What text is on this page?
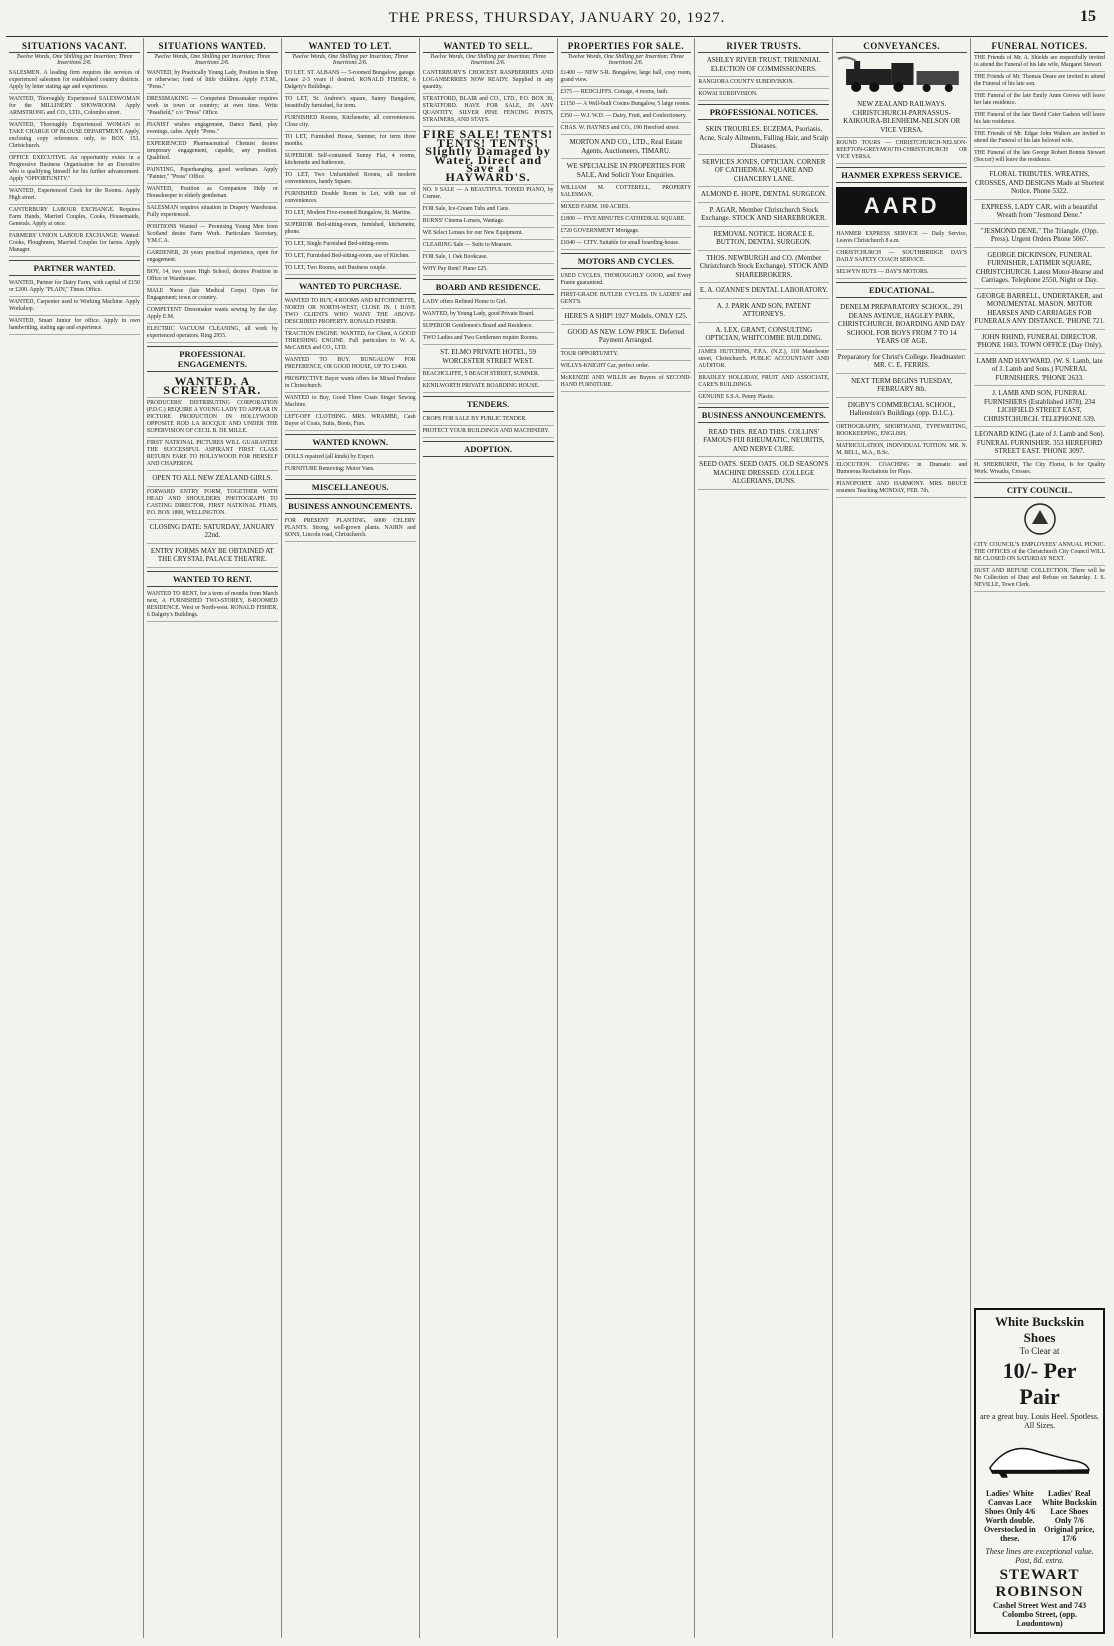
THE PRESS, THURSDAY, JANUARY 20, 1927.	15
SITUATIONS VACANT.
Twelve Words, One Shilling per Insertion; Three Insertions 2/6.
SALESMEN. A leading firm requires the services of experienced salesmen for established country districts. Apply by letter stating age and experience.
WANTED, Thoroughly Experienced SALESWOMAN for the MILLINERY SHOWROOM. Apply ARMSTRONG and CO., LTD., Colombo street.
WANTED, Thoroughly Experienced WOMAN to TAKE CHARGE OF BLOUSE DEPARTMENT. Apply, enclosing copy references only, to BOX 153, Christchurch.
OFFICE EXECUTIVE. An opportunity exists in a Progressive Business Organisation for an Executive who is qualifying himself for his further advancement. Apply "OPPORTUNITY."
WANTED, Experienced Cook for the Rooms. Apply High street.
CANTERBURY LABOUR EXCHANGE. Requires Farm Hands, Married Couples, Cooks, Housemaids, Generals. Apply at once.
FARMERS' UNION LABOUR EXCHANGE. Wanted: Cooks, Ploughmen, Married Couples for farms. Apply Manager.
PARTNER WANTED.
WANTED, Partner for Dairy Farm, with capital of £150 or £200. Apply "PLAIN," Times Office.
WANTED, Carpenter used to Working Machine. Apply Workshop.
WANTED, Smart Junior for office. Apply in own handwriting, stating age and experience.
SITUATIONS WANTED.
Twelve Words, One Shilling per Insertion; Three Insertions 2/6.
WANTED, by Practically Young Lady, Position in Shop or otherwise; fond of little children. Apply F.T.M., "Press."
DRESSMAKING — Competent Dressmaker requires work in town or country; at own time. Write "Peasfield," c/o "Press" Office.
PIANIST wishes engagement, Dance Band, play evenings, cafes. Apply "Press."
EXPERIENCED Pharmaceutical Chemist desires temporary engagement, capable, any position. Qualified.
PAINTING, Paperhanging, good workman. Apply "Painter," "Press" Office.
WANTED, Position as Companion Help or Housekeeper to elderly gentleman.
SALESMAN requires situation in Drapery Warehouse. Fully experienced.
POSITIONS Wanted — Promising Young Men from Scotland desire Farm Work. Particulars Secretary, Y.M.C.A.
GARDENER, 20 years practical experience, open for engagement.
BOY, 14, two years High School, desires Position in Office or Warehouse.
MALE Nurse (late Medical Corps) Open for Engagement; town or country.
COMPETENT Dressmaker wants sewing by the day. Apply E.M.
ELECTRIC VACUUM CLEANING, all work by experienced operators. Ring 2955.
PROFESSIONAL ENGAGEMENTS.
WANTED. A SCREEN STAR.
PRODUCERS' DISTRIBUTING CORPORATION (P.D.C.) REQUIRE A YOUNG LADY TO APPEAR IN PICTURE PRODUCTION IN HOLLYWOOD OPPOSITE ROD LA ROCQUE AND UNDER THE SUPERVISION OF CECIL B. DE MILLE.
FIRST NATIONAL PICTURES WILL GUARANTEE THE SUCCESSFUL ASPIRANT FIRST CLASS RETURN FARE TO HOLLYWOOD FOR HERSELF AND CHAPERON.
OPEN TO ALL NEW ZEALAND GIRLS.
FORWARD ENTRY FORM, TOGETHER WITH HEAD AND SHOULDERS PHOTOGRAPH TO CASTING DIRECTOR, FIRST NATIONAL FILMS, P.O. BOX 1800, WELLINGTON.
CLOSING DATE: SATURDAY, JANUARY 22nd.
ENTRY FORMS MAY BE OBTAINED AT THE CRYSTAL PALACE THEATRE.
WANTED TO RENT.
WANTED TO RENT, for a term of months from March next, A FURNISHED TWO-STOREY, 8-ROOMED RESIDENCE. West or North-west. RONALD FISHER, 6 Dalgety's Buildings.
WANTED TO LET.
Twelve Words, One Shilling per Insertion; Three Insertions 2/6.
TO LET. ST. ALBANS — 5-roomed Bungalow, garage. Lease 2-3 years if desired. RONALD FISHER, 6 Dalgety's Buildings.
TO LET, St. Andrew's square, Sunny Bungalow, beautifully furnished, for term.
FURNISHED Rooms, Kitchenette, all conveniences. Close city.
TO LET, Furnished House, Sumner, for term three months.
SUPERIOR Self-contained Sunny Flat, 4 rooms, kitchenette and bathroom.
TO LET, Two Unfurnished Rooms, all modern conveniences, handy Square.
FURNISHED Double Room to Let, with use of conveniences.
TO LET, Modern Five-roomed Bungalow, St. Martins.
SUPERIOR Bed-sitting-room, furnished, kitchenette, phone.
TO LET, Single Furnished Bed-sitting-room.
TO LET, Furnished Bed-sitting-room, use of Kitchen.
TO LET, Two Rooms, suit Business couple.
WANTED TO PURCHASE.
WANTED TO BUY, 4 ROOMS AND KITCHENETTE, NORTH OR NORTH-WEST, CLOSE IN. I HAVE TWO CLIENTS WHO WANT THE ABOVE-DESCRIBED PROPERTY. RONALD FISHER.
TRACTION ENGINE. WANTED, for Client, A GOOD THRESHING ENGINE. Full particulars to W. A. McCABES and CO., LTD.
WANTED TO BUY. BUNGALOW FOR PREFERENCE, OR GOOD HOUSE, UP TO £1400.
PROSPECTIVE Buyer wants offers for Mixed Produce in Christchurch.
WANTED to Buy, Good Three Coats Singer Sewing Machine.
LEFT-OFF CLOTHING. MRS. WRAMBE, Cash Buyer of Coats, Suits, Boots, Furs.
WANTED KNOWN.
DOLLS repaired (all kinds) by Expert.
FURNITURE Removing; Motor Vans.
MISCELLANEOUS.
BUSINESS ANNOUNCEMENTS.
FOR PRESENT PLANTING. 6000 CELERY PLANTS. Strong, well-grown plants. NAIRN and SONS, Lincoln road, Christchurch.
WANTED TO SELL.
Twelve Words, One Shilling per Insertion; Three Insertions 2/6.
CANTERBURY'S CHOICEST RASPBERRIES AND LOGANBERRIES NOW READY. Supplied in any quantity.
STRATFORD, BLAIR and CO., LTD., P.O. BOX 38, STRATFORD. HAVE FOR SALE, IN ANY QUANTITY, SILVER PINE FENCING POSTS, STRAINERS, AND STAYS.
FIRE SALE! TENTS! TENTS! TENTS! Slightly Damaged by Water. Direct and Save at HAYWARD'S.
NO. 9 SALE — A BEAUTIFUL TONED PIANO, by Cramer.
FOR Sale, Ice-Cream Tubs and Cans.
BURNS' Cinema Lenses, Wantage.
WE Select Lenses for our New Equipment.
CLEARING Sale — Suits to Measure.
FOR Sale, 1 Oak Bookcase.
WHY Pay Rent? Piano £25.
BOARD AND RESIDENCE.
LADY offers Refined Home to Girl.
WANTED, by Young Lady, good Private Board.
SUPERIOR Gentlemen's Board and Residence.
TWO Ladies and Two Gentlemen require Rooms.
ST. ELMO PRIVATE HOTEL, 59 WORCESTER STREET WEST.
BEACHCLIFFE, 5 BEACH STREET, SUMNER.
KENILWORTH PRIVATE BOARDING HOUSE.
TENDERS.
CROPS FOR SALE BY PUBLIC TENDER.
PROTECT YOUR BUILDINGS AND MACHINERY.
ADOPTION.
PROPERTIES FOR SALE.
Twelve Words, One Shilling per Insertion; Three Insertions 2/6.
£1400 — NEW 5-R. Bungalow, large hall, cosy room, grand view.
£375 — REDCLIFFS. Cottage, 4 rooms, bath.
£1150 — A Well-built Cosino Bungalow, 5 large rooms.
£350 — W.J. W.D. — Dairy, Fruit, and Confectionery.
CHAS. W. HAYNES and CO., 190 Hereford street.
MORTON AND CO., LTD., Real Estate Agents, Auctioneers, TIMARU.
WE SPECIALISE IN PROPERTIES FOR SALE, And Solicit Your Enquiries.
WILLIAM M. COTTERELL, PROPERTY SALESMAN.
MIXED FARM. 160 ACRES.
£1800 — FIVE MINUTES CATHEDRAL SQUARE.
£720 GOVERNMENT Mortgage.
£1040 — CITY. Suitable for small boarding-house.
MOTORS AND CYCLES.
USED CYCLES, THOROUGHLY GOOD, and Every Frame guaranteed.
FIRST-GRADE BUTLER CYCLES. IN LADIES' and GENT'S.
HERE'S A SHIP! 1927 Models. ONLY £25.
GOOD AS NEW. LOW PRICE. Deferred Payment Arranged.
TOUR OPPORTUNITY.
WILLYS-KNIGHT Car, perfect order.
McKENZIE AND WILLIS are Buyers of SECOND-HAND FURNITURE.
RIVER TRUSTS.
ASHLEY RIVER TRUST. TRIENNIAL ELECTION OF COMMISSIONERS.
RANGIORA COUNTY SUBDIVISION.
KOWAI SUBDIVISION.
PROFESSIONAL NOTICES.
SKIN TROUBLES. ECZEMA, Psoriasis, Acne, Scaly Ailments, Falling Hair, and Scalp Diseases.
SERVICES JONES, OPTICIAN. CORNER OF CATHEDRAL SQUARE AND CHANCERY LANE.
ALMOND E. HOPE, DENTAL SURGEON.
P. AGAR, Member Christchurch Stock Exchange. STOCK AND SHAREBROKER.
REMOVAL NOTICE. HORACE E. BUTTON, DENTAL SURGEON.
THOS. NEWBURGH and CO. (Member Christchurch Stock Exchange). STOCK AND SHAREBROKERS.
E. A. OZANNE'S DENTAL LABORATORY.
A. J. PARK AND SON, PATENT ATTORNEYS.
A. LEX. GRANT, CONSULTING OPTICIAN, WHITCOMBE BUILDING.
JAMES HUTCHINS, F.P.A. (N.Z.), 118 Manchester street, Christchurch. PUBLIC ACCOUNTANT AND AUDITOR.
BRADLEY HOLLIDAY, FRUIT AND ASSOCIATE, CARE'S BUILDINGS.
GENUINE S.S.A. Penny Plastic.
BUSINESS ANNOUNCEMENTS.
READ THIS. READ THIS. COLLINS' FAMOUS FIJI RHEUMATIC, NEURITIS, AND NERVE CURE.
SEED OATS. SEED OATS. OLD SEASON'S MACHINE DRESSED. COLLEGE ALGERIANS, DUNS.
CONVEYANCES.
NEW ZEALAND RAILWAYS. CHRISTCHURCH-PARNASSUS-KAIKOURA-BLENHEIM-NELSON OR VICE VERSA.
ROUND TOURS — CHRISTCHURCH-NELSON-REEFTON-GREYMOUTH-CHRISTCHURCH OR VICE VERSA.
HANMER EXPRESS SERVICE.
AARD
HANMER EXPRESS SERVICE — Daily Service, Leaves Christchurch 8 a.m.
CHRISTCHURCH — SOUTHBRIDGE DAY'S DAILY SAFETY COACH SERVICE.
SELWYN HUTS — DAY'S MOTORS.
EDUCATIONAL.
DENELM PREPARATORY SCHOOL, 291 DEANS AVENUE, HAGLEY PARK, CHRISTCHURCH. BOARDING AND DAY SCHOOL FOR BOYS FROM 7 TO 14 YEARS OF AGE.
Preparatory for Christ's College. Headmaster: MR. C. E. FERRIS.
NEXT TERM BEGINS TUESDAY, FEBRUARY 8th.
DIGBY'S COMMERCIAL SCHOOL, Hallenstein's Buildings (opp. D.I.C.).
ORTHOGRAPHY, SHORTHAND, TYPEWRITING, BOOKKEEPING, ENGLISH.
MATRICULATION, INDIVIDUAL TUITION. MR. N. M. BELL, M.A., B.Sc.
ELOCUTION. COACHING in Dramatic and Humorous Recitations for Plays.
PIANOFORTE AND HARMONY. MRS. BRUCE resumes Teaching MONDAY, FEB. 7th.
FUNERAL NOTICES.
THE Friends of Mr. A. Shields are respectfully invited to attend the Funeral of his late wife, Margaret Stewart.
THE Friends of Mr. Thomas Deare are invited to attend the Funeral of his late son.
THE Funeral of the late Emily Anne Groves will leave her late residence.
THE Funeral of the late David Cater Gadson will leave his late residence.
THE Friends of Mr. Edgar John Walters are invited to attend the Funeral of his late beloved wife.
THE Funeral of the late George Robert Bonnie Stewart (Soccer) will leave the residence.
FLORAL TRIBUTES. WREATHS, CROSSES, AND DESIGNS Made at Shortest Notice. Phone 5322.
EXPRESS, LADY CAR, with a beautiful Wreath from "Jesmond Dene."
"JESMOND DENE," The Triangle. (Opp. Press). Urgent Orders Phone 5067.
GEORGE DICKINSON, FUNERAL FURNISHER, LATIMER SQUARE, CHRISTCHURCH. Latest Motor-Hearse and Carriages. Telephone 2550, Night or Day.
GEORGE BARRELL, UNDERTAKER, and MONUMENTAL MASON. MOTOR HEARSES AND CARRIAGES FOR FUNERALS ANY DISTANCE. 'PHONE 721.
JOHN RHIND, FUNERAL DIRECTOR. 'PHONE 1603. TOWN OFFICE (Day Only).
LAMB AND HAYWARD. (W. S. Lamb, late of J. Lamb and Sons.) FUNERAL FURNISHERS. 'PHONE 2633.
J. LAMB AND SON, FUNERAL FURNISHERS (Established 1878). 234 LICHFIELD STREET EAST, CHRISTCHURCH. TELEPHONE 539.
LEONARD KING (Late of J. Lamb and Son). FUNERAL FURNISHER. 353 HEREFORD STREET EAST. 'PHONE 3097.
H. SHERBURNE, The City Florist, Is for Quality Work. Wreaths, Crosses.
CITY COUNCIL.
CITY COUNCIL'S EMPLOYEES' ANNUAL PICNIC. THE OFFICES of the Christchurch City Council WILL BE CLOSED ON SATURDAY NEXT.
DUST AND REFUSE COLLECTION. There will be No Collection of Dust and Refuse on Saturday. J. S. NEVILLE, Town Clerk.
White Buckskin Shoes
To Clear at
10/- Per Pair
are a great buy. Louis Heel. Spotless. All Sizes.
Ladies' White Canvas Lace Shoes Only 4/6 Worth double. Overstocked in these.
Ladies' Real White Buckskin Lace Shoes Only 7/6 Original price, 17/6
These lines are exceptional value. Post, 8d. extra.
STEWART ROBINSON
Cashel Street West and 743 Colombo Street, (opp. Loudontown)
